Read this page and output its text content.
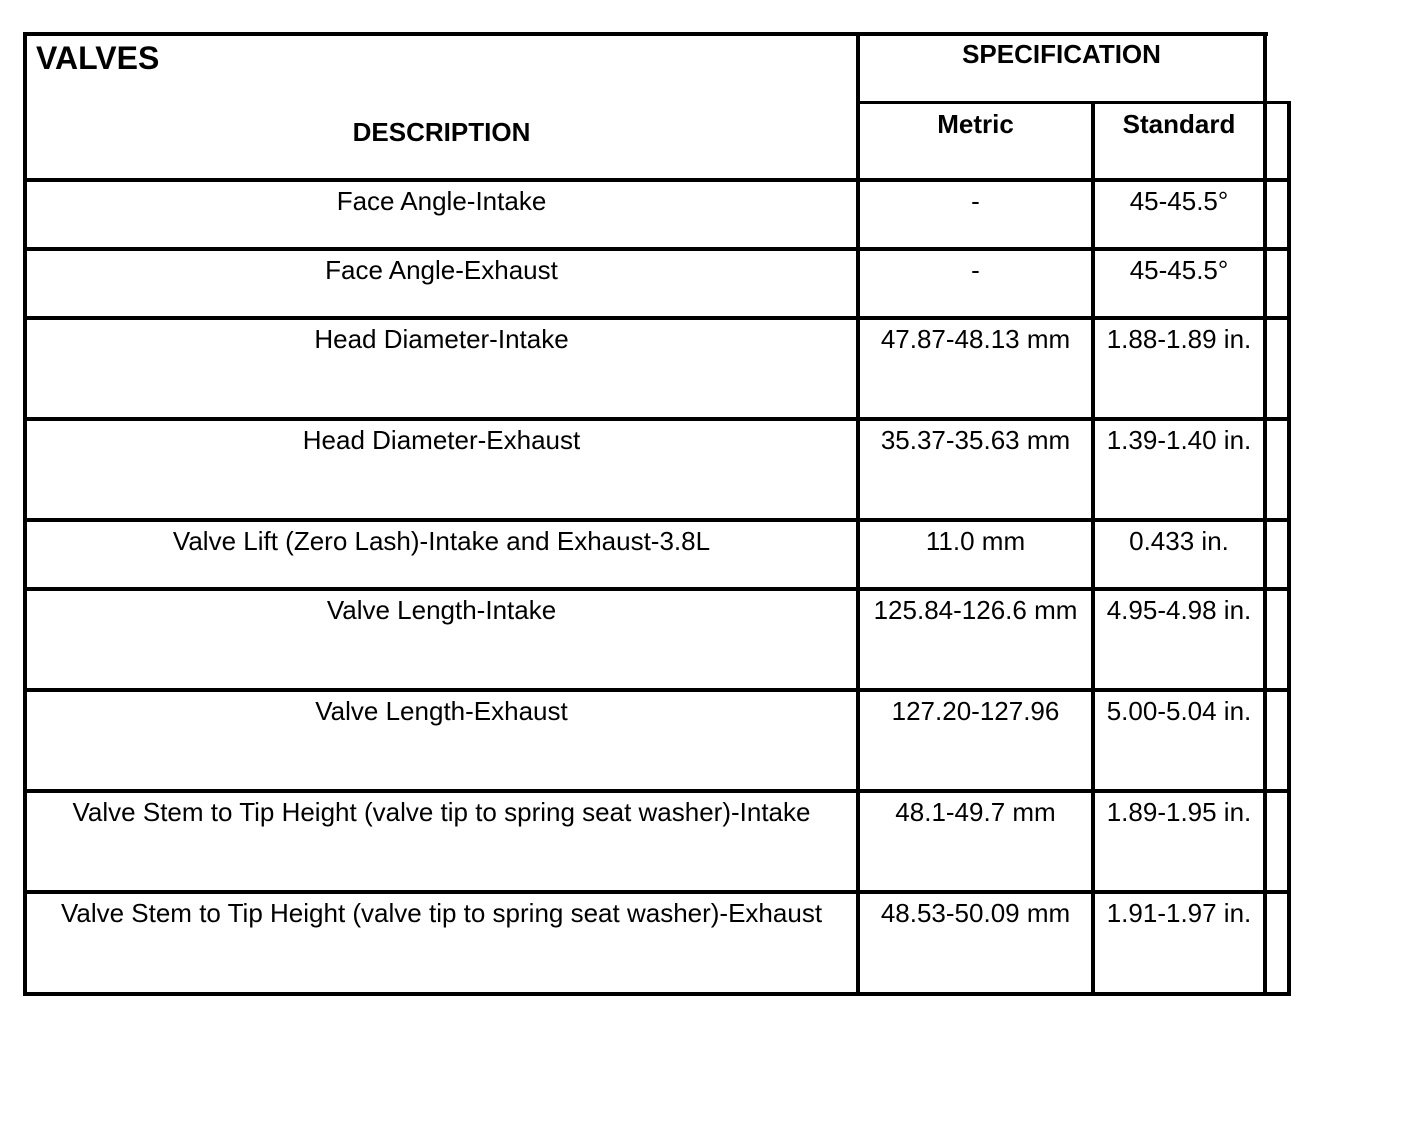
VALVES	SPECIFICATION
DESCRIPTION	Metric	Standard
Face Angle-Intake	-	45-45.5°
Face Angle-Exhaust	-	45-45.5°
Head Diameter-Intake	47.87-48.13 mm	1.88-1.89 in.
Head Diameter-Exhaust	35.37-35.63 mm	1.39-1.40 in.
Valve Lift (Zero Lash)-Intake and Exhaust-3.8L	11.0 mm	0.433 in.
Valve Length-Intake	125.84-126.6 mm	4.95-4.98 in.
Valve Length-Exhaust	127.20-127.96	5.00-5.04 in.
Valve Stem to Tip Height (valve tip to spring seat washer)-Intake	48.1-49.7 mm	1.89-1.95 in.
Valve Stem to Tip Height (valve tip to spring seat washer)-Exhaust	48.53-50.09 mm	1.91-1.97 in.
